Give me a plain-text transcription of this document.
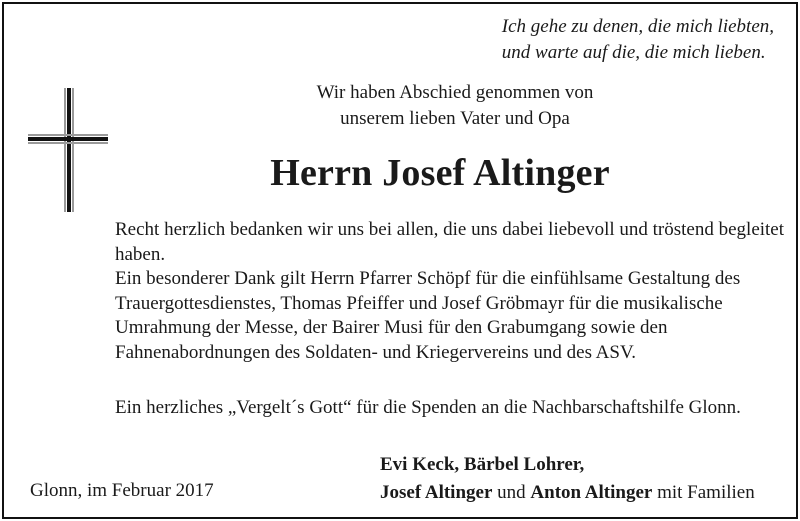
Ich gehe zu denen, die mich liebten,
und warte auf die, die mich lieben.
Wir haben Abschied genommen von
unserem lieben Vater und Opa
Herrn Josef Altinger

Recht herzlich bedanken wir uns bei allen, die uns dabei liebevoll und tröstend begleitet haben.

Ein besonderer Dank gilt Herrn Pfarrer Schöpf für die einfühlsame Gestaltung des Trauergottesdienstes, Thomas Pfeiffer und Josef Gröbmayr für die musikalische Umrahmung der Messe, der Bairer Musi für den Grabumgang sowie den Fahnenabordnungen des Soldaten- und Kriegervereins und des ASV.

Ein herzliches „Vergelt´s Gott“ für die Spenden an die Nachbarschaftshilfe Glonn.
Glonn, im Februar 2017
Evi Keck, Bärbel Lohrer,
Josef Altinger und Anton Altinger mit Familien
